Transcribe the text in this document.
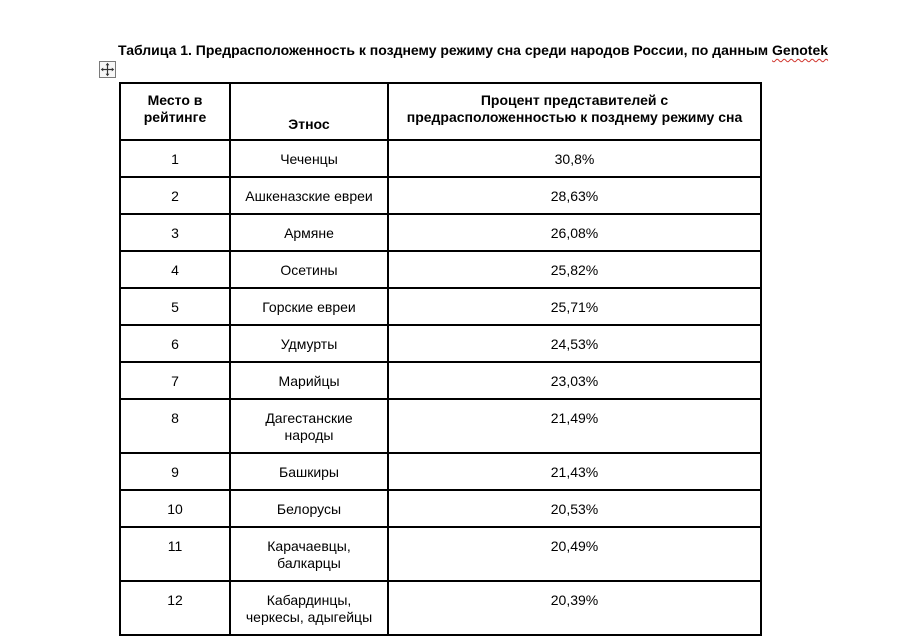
Таблица 1. Предрасположенность к позднему режиму сна среди народов России, по данным Genotek
Место в рейтинге	Этнос	Процент представителей с предрасположенностью к позднему режиму сна
1	Чеченцы	30,8%
2	Ашкеназские евреи	28,63%
3	Армяне	26,08%
4	Осетины	25,82%
5	Горские евреи	25,71%
6	Удмурты	24,53%
7	Марийцы	23,03%
8	Дагестанские народы	21,49%
9	Башкиры	21,43%
10	Белорусы	20,53%
11	Карачаевцы, балкарцы	20,49%
12	Кабардинцы, черкесы, адыгейцы	20,39%
